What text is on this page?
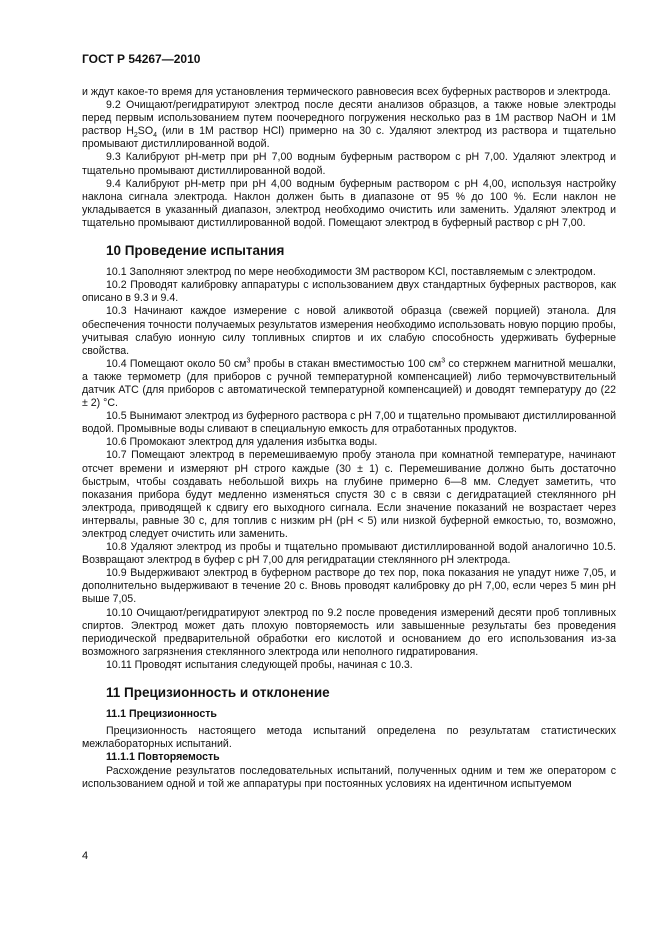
ГОСТ Р 54267—2010

и ждут какое-то время для установления термического равновесия всех буферных растворов и электрода.

9.2 Очищают/регидратируют электрод после десяти анализов образцов, а также новые электроды перед первым использованием путем поочередного погружения несколько раз в 1M раствор NaOH и 1M раствор $H_2SO_4$ (или в 1M раствор HCl) примерно на 30 с. Удаляют электрод из раствора и тщательно промывают дистиллированной водой.

9.3 Калибруют pH-метр при pH 7,00 водным буферным раствором с pH 7,00. Удаляют электрод и тщательно промывают дистиллированной водой.

9.4 Калибруют pH-метр при pH 4,00 водным буферным раствором с pH 4,00, используя настройку наклона сигнала электрода. Наклон должен быть в диапазоне от 95 % до 100 %. Если наклон не укладывается в указанный диапазон, электрод необходимо очистить или заменить. Удаляют электрод и тщательно промывают дистиллированной водой. Помещают электрод в буферный раствор с pH 7,00.

10 Проведение испытания

10.1 Заполняют электрод по мере необходимости 3M раствором KCl, поставляемым с электродом.

10.2 Проводят калибровку аппаратуры с использованием двух стандартных буферных растворов, как описано в 9.3 и 9.4.

10.3 Начинают каждое измерение с новой аликвотой образца (свежей порцией) этанола. Для обеспечения точности получаемых результатов измерения необходимо использовать новую порцию пробы, учитывая слабую ионную силу топливных спиртов и их слабую способность удерживать буферные свойства.

10.4 Помещают около 50 $см^3$ пробы в стакан вместимостью 100 $см^3$ со стержнем магнитной мешалки, а также термометр (для приборов с ручной температурной компенсацией) либо термочувствительный датчик АТС (для приборов с автоматической температурной компенсацией) и доводят температуру до (22 ± 2) °С.

10.5 Вынимают электрод из буферного раствора с pH 7,00 и тщательно промывают дистиллированной водой. Промывные воды сливают в специальную емкость для отработанных продуктов.

10.6 Промокают электрод для удаления избытка воды.

10.7 Помещают электрод в перемешиваемую пробу этанола при комнатной температуре, начинают отсчет времени и измеряют pH строго каждые (30 ± 1) с. Перемешивание должно быть достаточно быстрым, чтобы создавать небольшой вихрь на глубине примерно 6—8 мм. Следует заметить, что показания прибора будут медленно изменяться спустя 30 с в связи с дегидратацией стеклянного pH электрода, приводящей к сдвигу его выходного сигнала. Если значение показаний не возрастает через интервалы, равные 30 с, для топлив с низким pH (pH < 5) или низкой буферной емкостью, то, возможно, электрод следует очистить или заменить.

10.8 Удаляют электрод из пробы и тщательно промывают дистиллированной водой аналогично 10.5. Возвращают электрод в буфер с pH 7,00 для регидратации стеклянного pH электрода.

10.9 Выдерживают электрод в буферном растворе до тех пор, пока показания не упадут ниже 7,05, и дополнительно выдерживают в течение 20 с. Вновь проводят калибровку до pH 7,00, если через 5 мин pH выше 7,05.

10.10 Очищают/регидратируют электрод по 9.2 после проведения измерений десяти проб топливных спиртов. Электрод может дать плохую повторяемость или завышенные результаты без проведения периодической предварительной обработки его кислотой и основанием до его использования из-за возможного загрязнения стеклянного электрода или неполного гидратирования.

10.11 Проводят испытания следующей пробы, начиная с 10.3.

11 Прецизионность и отклонение
11.1 Прецизионность

Прецизионность настоящего метода испытаний определена по результатам статистических межлабораторных испытаний.

11.1.1 Повторяемость

Расхождение результатов последовательных испытаний, полученных одним и тем же оператором с использованием одной и той же аппаратуры при постоянных условиях на идентичном испытуемом

4
